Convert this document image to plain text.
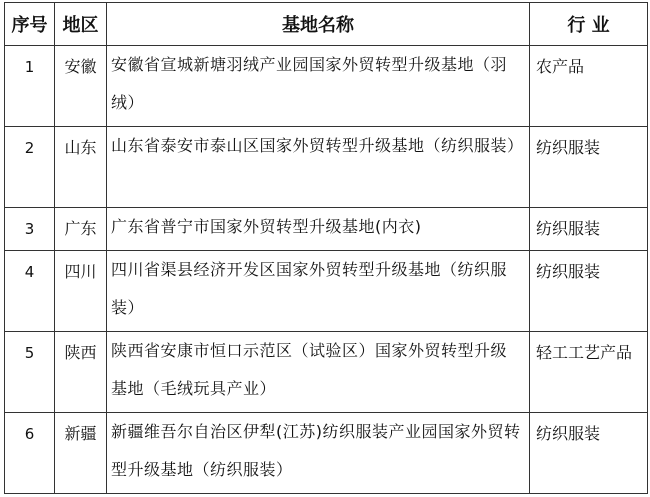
序号	地区	基地名称	行 业
1	安徽	安徽省宣城新塘羽绒产业园国家外贸转型升级基地（羽绒）	农产品
2	山东	山东省泰安市泰山区国家外贸转型升级基地（纺织服装）	纺织服装
3	广东	广东省普宁市国家外贸转型升级基地(内衣)	纺织服装
4	四川	四川省渠县经济开发区国家外贸转型升级基地（纺织服装）	纺织服装
5	陕西	陕西省安康市恒口示范区（试验区）国家外贸转型升级基地（毛绒玩具产业）	轻工工艺产品
6	新疆	新疆维吾尔自治区伊犁(江苏)纺织服装产业园国家外贸转型升级基地（纺织服装）	纺织服装
